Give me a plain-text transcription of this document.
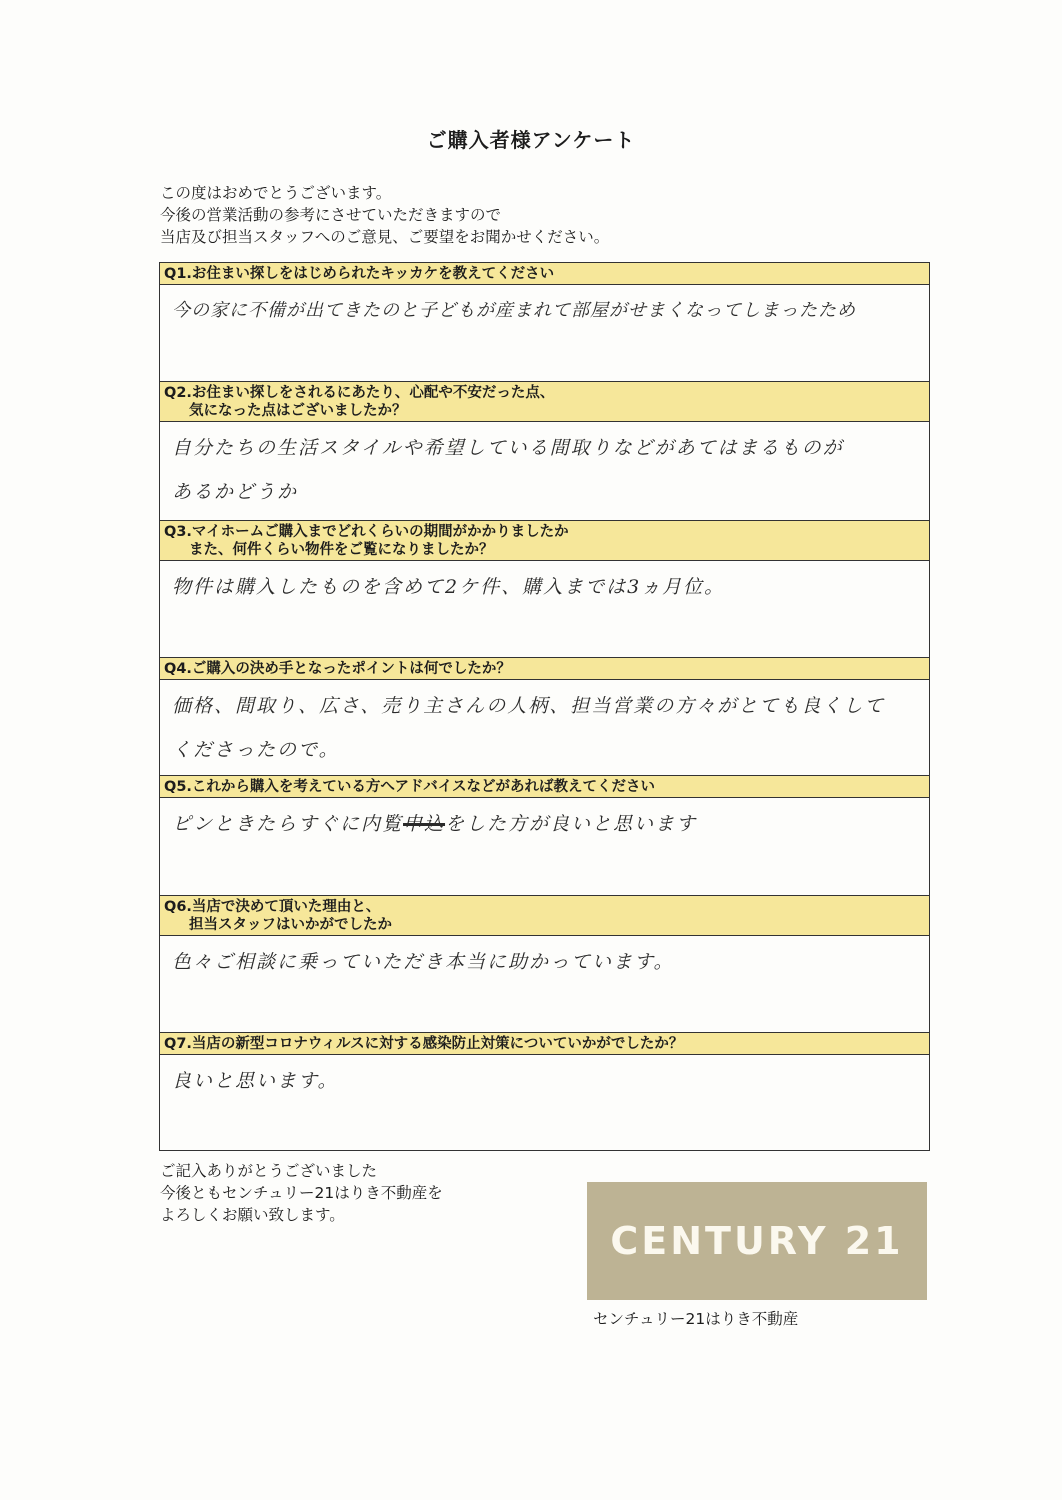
ご購入者様アンケート
この度はおめでとうございます。
今後の営業活動の参考にさせていただきますので
当店及び担当スタッフへのご意見、ご要望をお聞かせください。
Q1.お住まい探しをはじめられたキッカケを教えてください
今の家に不備が出てきたのと子どもが産まれて部屋がせまくなってしまったため
Q2.お住まい探しをされるにあたり、心配や不安だった点、
気になった点はございましたか？
自分たちの生活スタイルや希望している間取りなどがあてはまるものが
あるかどうか
Q3.マイホームご購入までどれくらいの期間がかかりましたか
また、何件くらい物件をご覧になりましたか？
物件は購入したものを含めて2ケ件、購入までは3ヵ月位。
Q4.ご購入の決め手となったポイントは何でしたか？
価格、間取り、広さ、売り主さんの人柄、担当営業の方々がとても良くして
くださったので。
Q5.これから購入を考えている方へアドバイスなどがあれば教えてください
ピンときたらすぐに内覧申込をした方が良いと思います
Q6.当店で決めて頂いた理由と、
担当スタッフはいかがでしたか
色々ご相談に乗っていただき本当に助かっています。
Q7.当店の新型コロナウィルスに対する感染防止対策についていかがでしたか？
良いと思います。
ご記入ありがとうございました
今後ともセンチュリー21はりき不動産を
よろしくお願い致します。
CENTURY 21
センチュリー21はりき不動産
